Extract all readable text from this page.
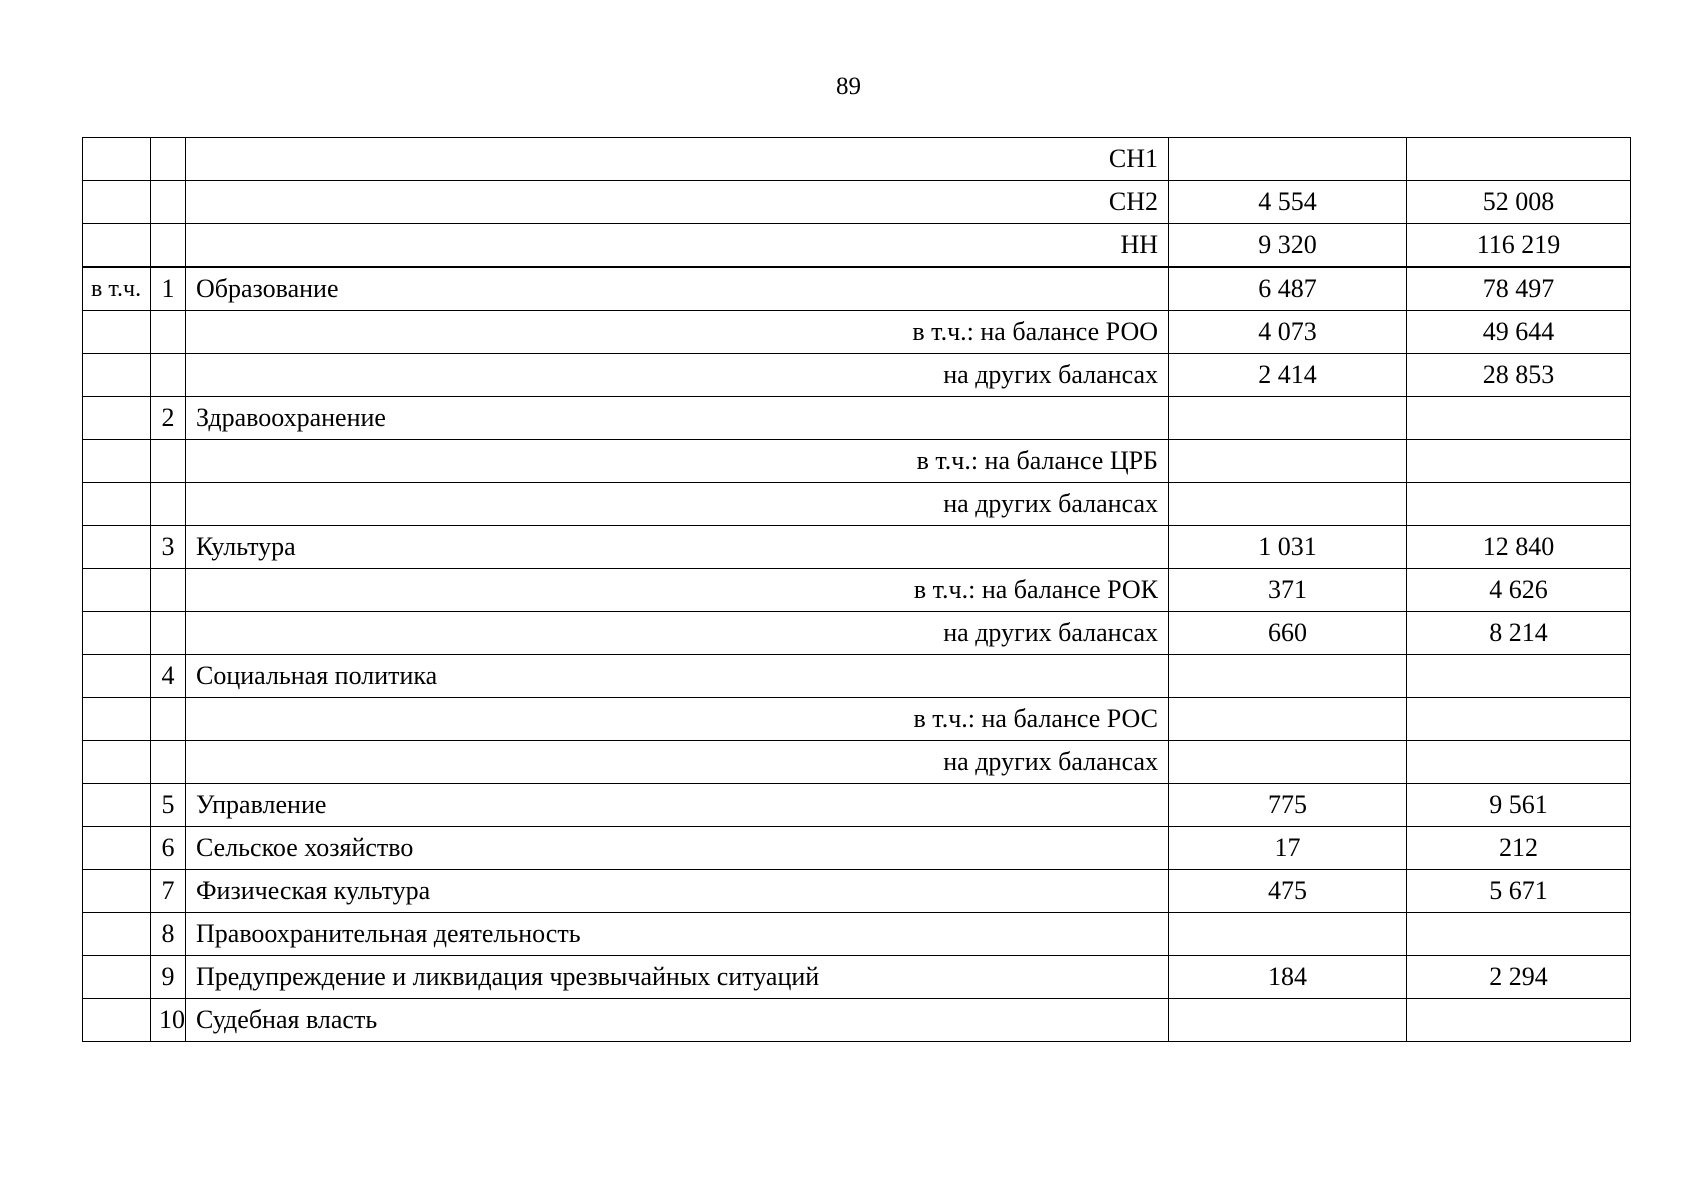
89
		СН1		
		СН2	4 554	52 008
		НН	9 320	116 219
в т.ч.	1	Образование	6 487	78 497
		в т.ч.: на балансе РОО	4 073	49 644
		на других балансах	2 414	28 853
	2	Здравоохранение		
		в т.ч.: на балансе ЦРБ		
		на других балансах		
	3	Культура	1 031	12 840
		в т.ч.: на балансе РОК	371	4 626
		на других балансах	660	8 214
	4	Социальная политика		
		в т.ч.: на балансе РОС		
		на других балансах		
	5	Управление	775	9 561
	6	Сельское хозяйство	17	212
	7	Физическая культура	475	5 671
	8	Правоохранительная деятельность		
	9	Предупреждение и ликвидация чрезвычайных ситуаций	184	2 294
	10	Судебная власть		
